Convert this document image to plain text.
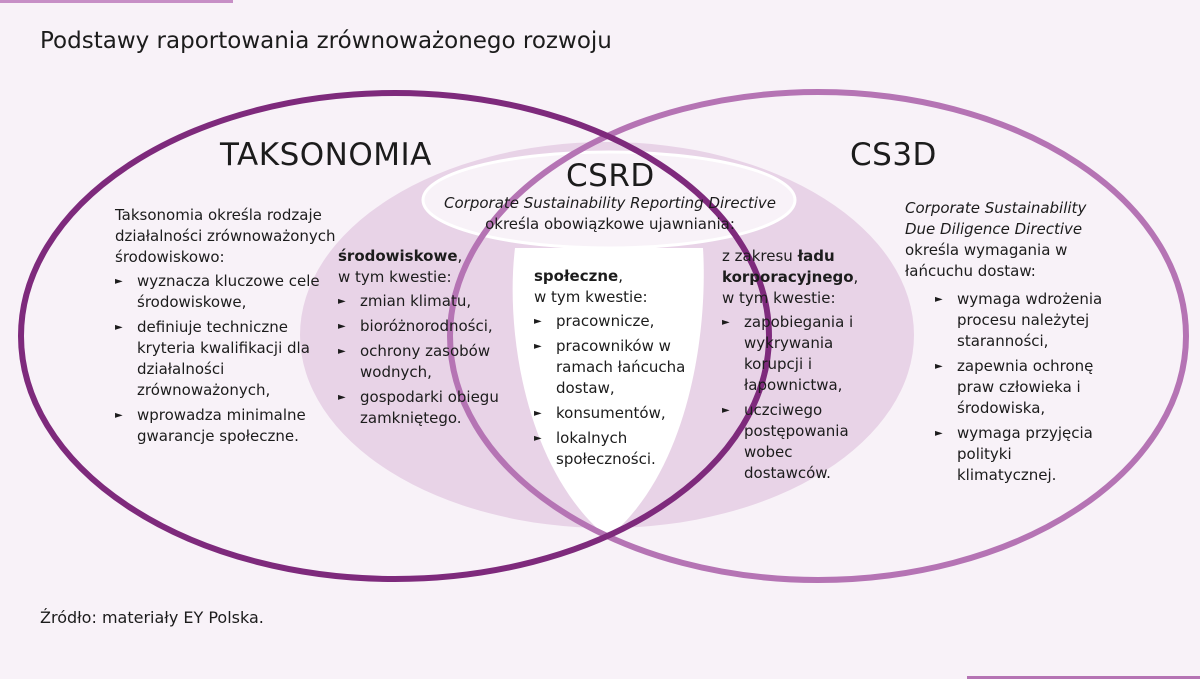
Podstawy raportowania zrównoważonego rozwoju
TAKSONOMIA
CSRD
CS3D

Corporate Sustainability Reporting Directive

określa obowiązkowe ujawniania:

Taksonomia określa rodzaje działalności zrównoważonych środowiskowo:

► wyznacza kluczowe cele środowiskowe,
► definiuje techniczne kryteria kwalifikacji dla działalności zrównoważonych,
► wprowadza minimalne gwarancje społeczne.

środowiskowe,

w tym kwestie:

► zmian klimatu,
► bioróżnorodności,
► ochrony zasobów wodnych,
► gospodarki obiegu zamkniętego.

społeczne,

w tym kwestie:

► pracownicze,
► pracowników w ramach łańcucha dostaw,
► konsumentów,
► lokalnych społeczności.

z zakresu ładu korporacyjnego,

w tym kwestie:

► zapobiegania i wykrywania korupcji i łapownictwa,
► uczciwego postępowania wobec dostawców.

Corporate Sustainability Due Diligence Directive

określa wymagania w łańcuchu dostaw:

► wymaga wdrożenia procesu należytej staranności,
► zapewnia ochronę praw człowieka i środowiska,
► wymaga przyjęcia polityki klimatycznej.
Źródło: materiały EY Polska.
